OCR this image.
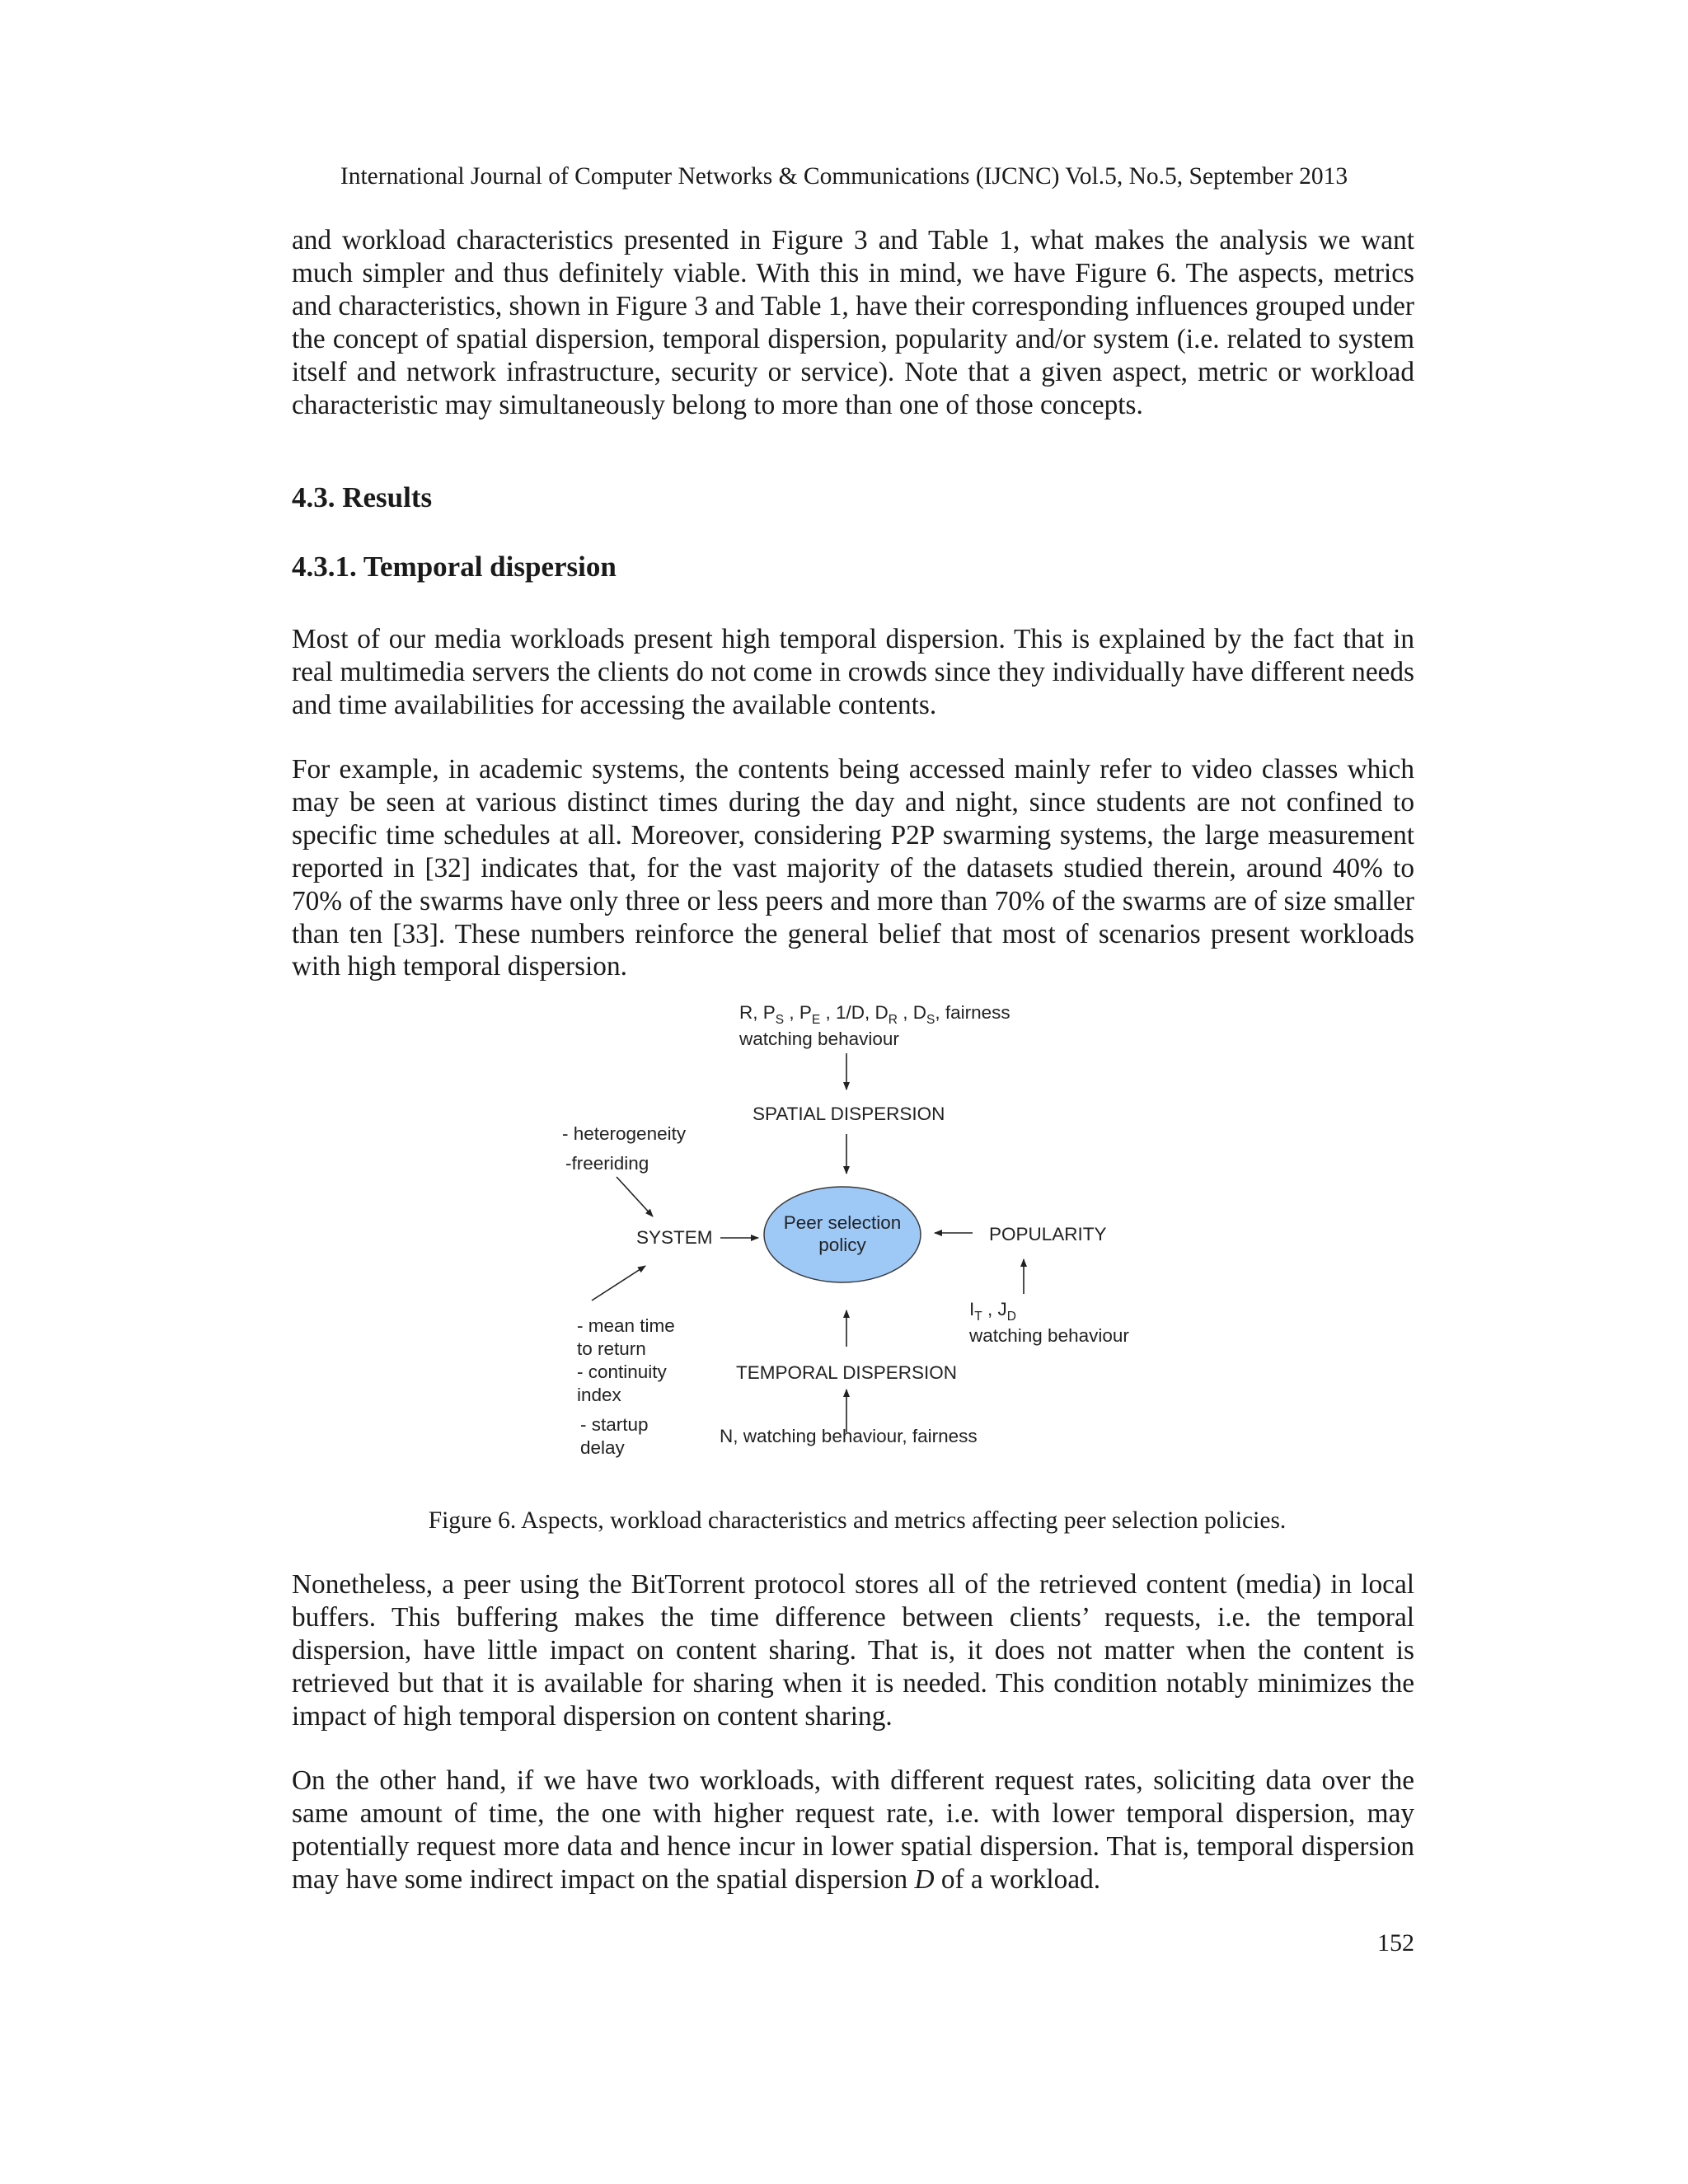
International Journal of Computer Networks & Communications (IJCNC) Vol.5, No.5, September 2013

and workload characteristics presented in Figure 3 and Table 1, what makes the analysis we want much simpler and thus definitely viable. With this in mind, we have Figure 6. The aspects, metrics and characteristics, shown in Figure 3 and Table 1, have their corresponding influences grouped under the concept of spatial dispersion, temporal dispersion, popularity and/or system (i.e. related to system itself and network infrastructure, security or service). Note that a given aspect, metric or workload characteristic may simultaneously belong to more than one of those concepts.

4.3. Results

4.3.1. Temporal dispersion

Most of our media workloads present high temporal dispersion. This is explained by the fact that in real multimedia servers the clients do not come in crowds since they individually have different needs and time availabilities for accessing the available contents.

For example, in academic systems, the contents being accessed mainly refer to video classes which may be seen at various distinct times during the day and night, since students are not confined to specific time schedules at all. Moreover, considering P2P swarming systems, the large measurement reported in [32] indicates that, for the vast majority of the datasets studied therein, around 40% to 70% of the swarms have only three or less peers and more than 70% of the swarms are of size smaller than ten [33]. These numbers reinforce the general belief that most of scenarios present workloads with high temporal dispersion.

R, $P_S$ , $P_E$ , 1/D, $D_R$ , $D_S$, fairness
watching behaviour
SPATIAL DISPERSION
- heterogeneity
-freeriding
SYSTEM
Peer selection
policy
POPULARITY
$I_T$ , $J_D$
watching behaviour
- mean time
to return
- continuity
index
- startup
delay
TEMPORAL DISPERSION
N, watching behaviour, fairness
Figure 6. Aspects, workload characteristics and metrics affecting peer selection policies.

Nonetheless, a peer using the BitTorrent protocol stores all of the retrieved content (media) in local buffers. This buffering makes the time difference between clients’ requests, i.e. the temporal dispersion, have little impact on content sharing. That is, it does not matter when the content is retrieved but that it is available for sharing when it is needed. This condition notably minimizes the impact of high temporal dispersion on content sharing.

On the other hand, if we have two workloads, with different request rates, soliciting data over the same amount of time, the one with higher request rate, i.e. with lower temporal dispersion, may potentially request more data and hence incur in lower spatial dispersion. That is, temporal dispersion may have some indirect impact on the spatial dispersion D of a workload.

152
